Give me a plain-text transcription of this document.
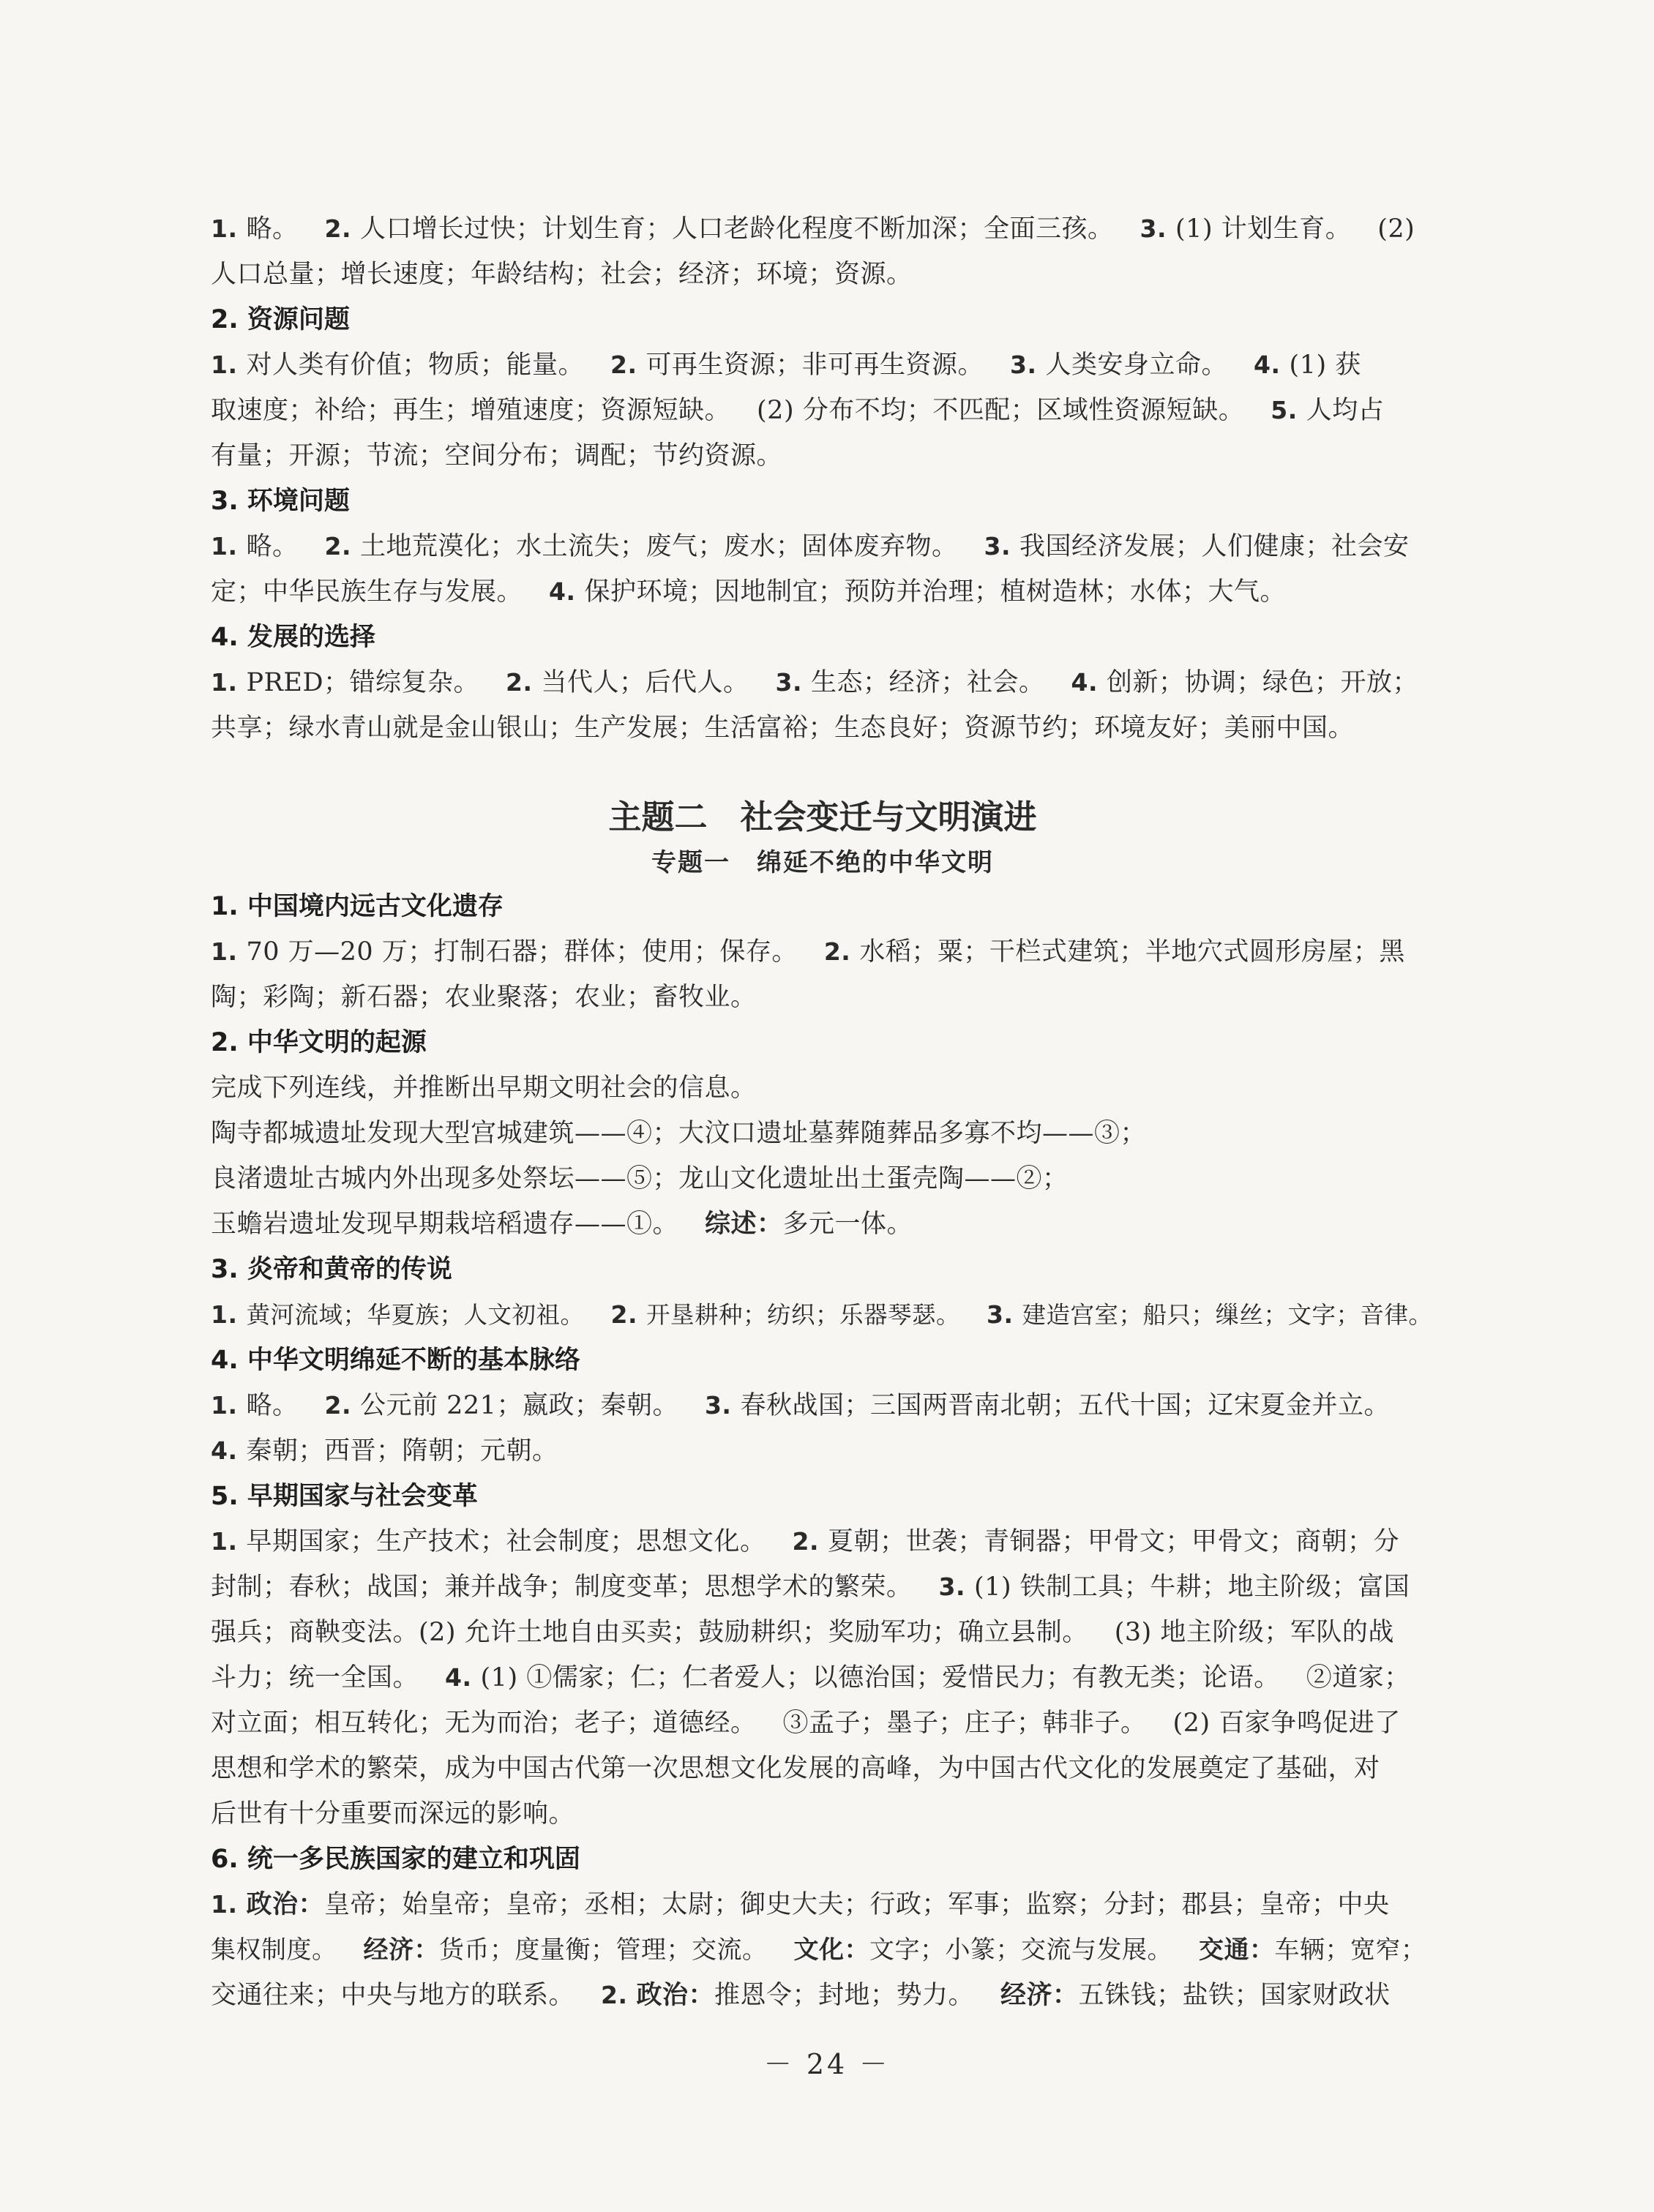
1. 略。 2. 人口增长过快；计划生育；人口老龄化程度不断加深；全面三孩。 3. (1) 计划生育。 (2)
人口总量；增长速度；年龄结构；社会；经济；环境；资源。
2. 资源问题
1. 对人类有价值；物质；能量。 2. 可再生资源；非可再生资源。 3. 人类安身立命。 4. (1) 获
取速度；补给；再生；增殖速度；资源短缺。 (2) 分布不均；不匹配；区域性资源短缺。 5. 人均占
有量；开源；节流；空间分布；调配；节约资源。
3. 环境问题
1. 略。 2. 土地荒漠化；水土流失；废气；废水；固体废弃物。 3. 我国经济发展；人们健康；社会安
定；中华民族生存与发展。 4. 保护环境；因地制宜；预防并治理；植树造林；水体；大气。
4. 发展的选择
1. PRED；错综复杂。 2. 当代人；后代人。 3. 生态；经济；社会。 4. 创新；协调；绿色；开放；
共享；绿水青山就是金山银山；生产发展；生活富裕；生态良好；资源节约；环境友好；美丽中国。
主题二　社会变迁与文明演进
专题一　绵延不绝的中华文明
1. 中国境内远古文化遗存
1. 70 万—20 万；打制石器；群体；使用；保存。 2. 水稻；粟；干栏式建筑；半地穴式圆形房屋；黑
陶；彩陶；新石器；农业聚落；农业；畜牧业。
2. 中华文明的起源
完成下列连线，并推断出早期文明社会的信息。
陶寺都城遗址发现大型宫城建筑——④；大汶口遗址墓葬随葬品多寡不均——③；
良渚遗址古城内外出现多处祭坛——⑤；龙山文化遗址出土蛋壳陶——②；
玉蟾岩遗址发现早期栽培稻遗存——①。 综述：多元一体。
3. 炎帝和黄帝的传说
1. 黄河流域；华夏族；人文初祖。 2. 开垦耕种；纺织；乐器琴瑟。 3. 建造宫室；船只；缫丝；文字；音律。
4. 中华文明绵延不断的基本脉络
1. 略。 2. 公元前 221；嬴政；秦朝。 3. 春秋战国；三国两晋南北朝；五代十国；辽宋夏金并立。
4. 秦朝；西晋；隋朝；元朝。
5. 早期国家与社会变革
1. 早期国家；生产技术；社会制度；思想文化。 2. 夏朝；世袭；青铜器；甲骨文；甲骨文；商朝；分
封制；春秋；战国；兼并战争；制度变革；思想学术的繁荣。 3. (1) 铁制工具；牛耕；地主阶级；富国
强兵；商鞅变法。(2) 允许土地自由买卖；鼓励耕织；奖励军功；确立县制。 (3) 地主阶级；军队的战
斗力；统一全国。 4. (1) ①儒家；仁；仁者爱人；以德治国；爱惜民力；有教无类；论语。 ②道家；
对立面；相互转化；无为而治；老子；道德经。 ③孟子；墨子；庄子；韩非子。 (2) 百家争鸣促进了
思想和学术的繁荣，成为中国古代第一次思想文化发展的高峰，为中国古代文化的发展奠定了基础，对
后世有十分重要而深远的影响。
6. 统一多民族国家的建立和巩固
1. 政治：皇帝；始皇帝；皇帝；丞相；太尉；御史大夫；行政；军事；监察；分封；郡县；皇帝；中央
集权制度。 经济：货币；度量衡；管理；交流。 文化：文字；小篆；交流与发展。 交通：车辆；宽窄；
交通往来；中央与地方的联系。 2. 政治：推恩令；封地；势力。 经济：五铢钱；盐铁；国家财政状
－ 24 －
